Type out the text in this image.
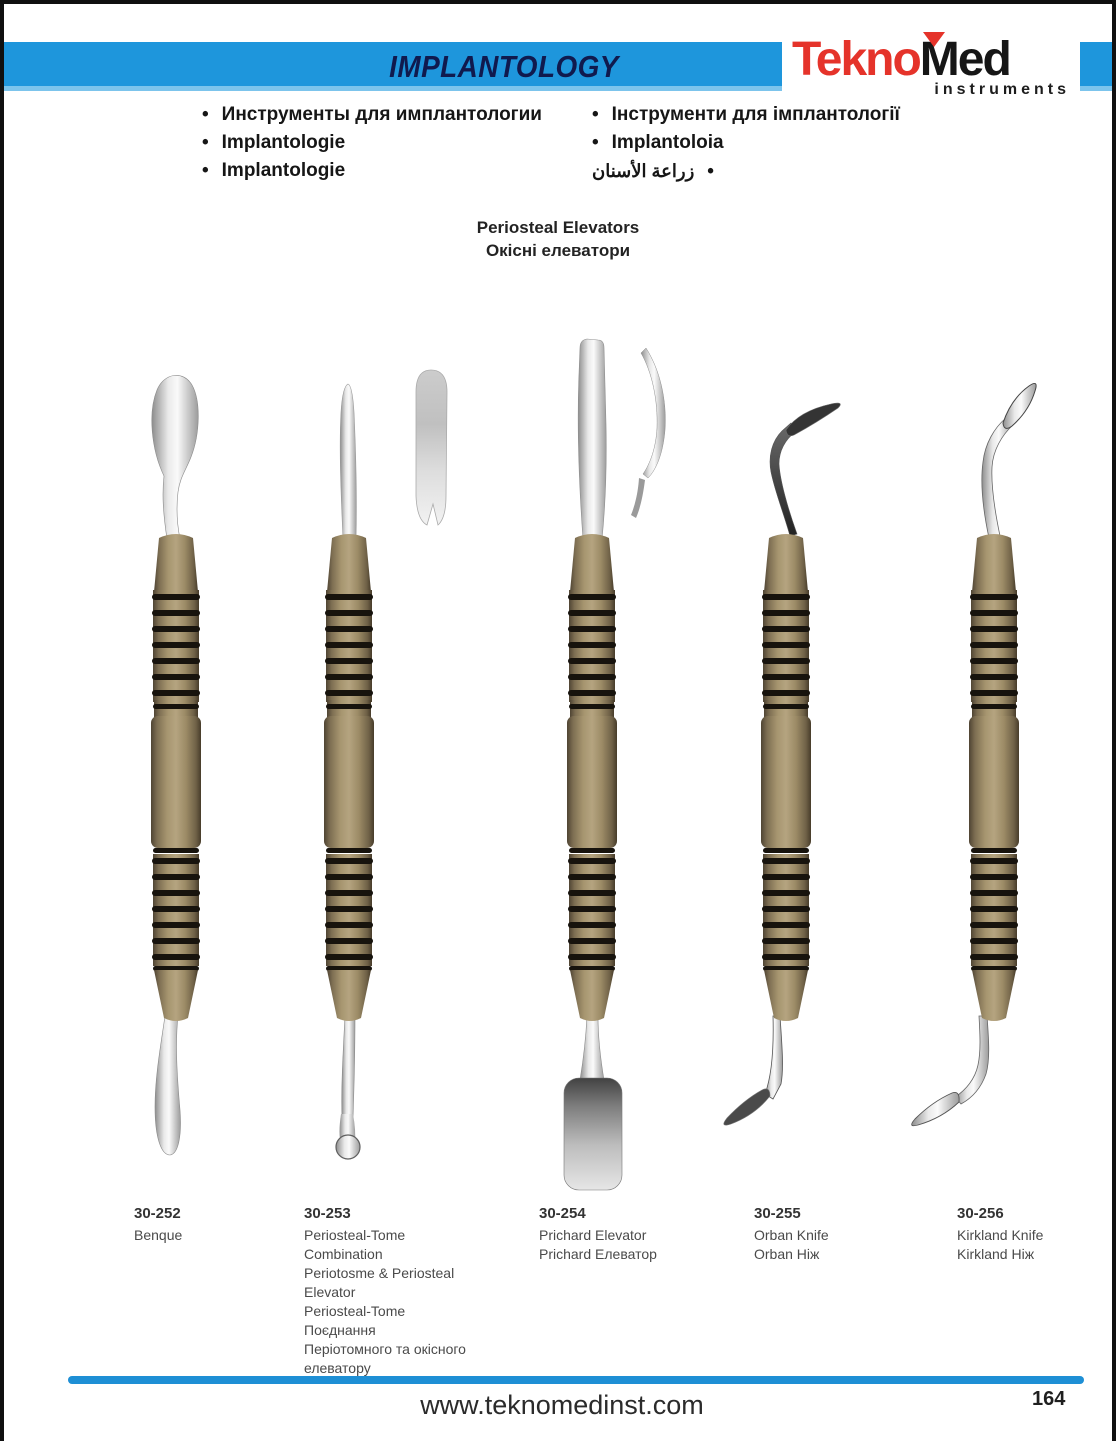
IMPLANTOLOGY	Tekno
Med
instruments
• Инструменты для имплантологии
• Implantologie
• Implantologie
• Інструменти для імплантології
• Implantoloia
زراعة الأسنان •
Periosteal Elevators
Окісні елеватори
30-252
Benque
30-253
Periosteal-Tome
Combination
Periotosme & Periosteal
Elevator
Periosteal-Tome
Поєднання
Періотомного та окісного
елеватору
30-254
Prichard Elevator
Prichard Елеватор
30-255
Orban Knife
Orban Ніж
30-256
Kirkland Knife
Kirkland Ніж
www.teknomedinst.com	164
